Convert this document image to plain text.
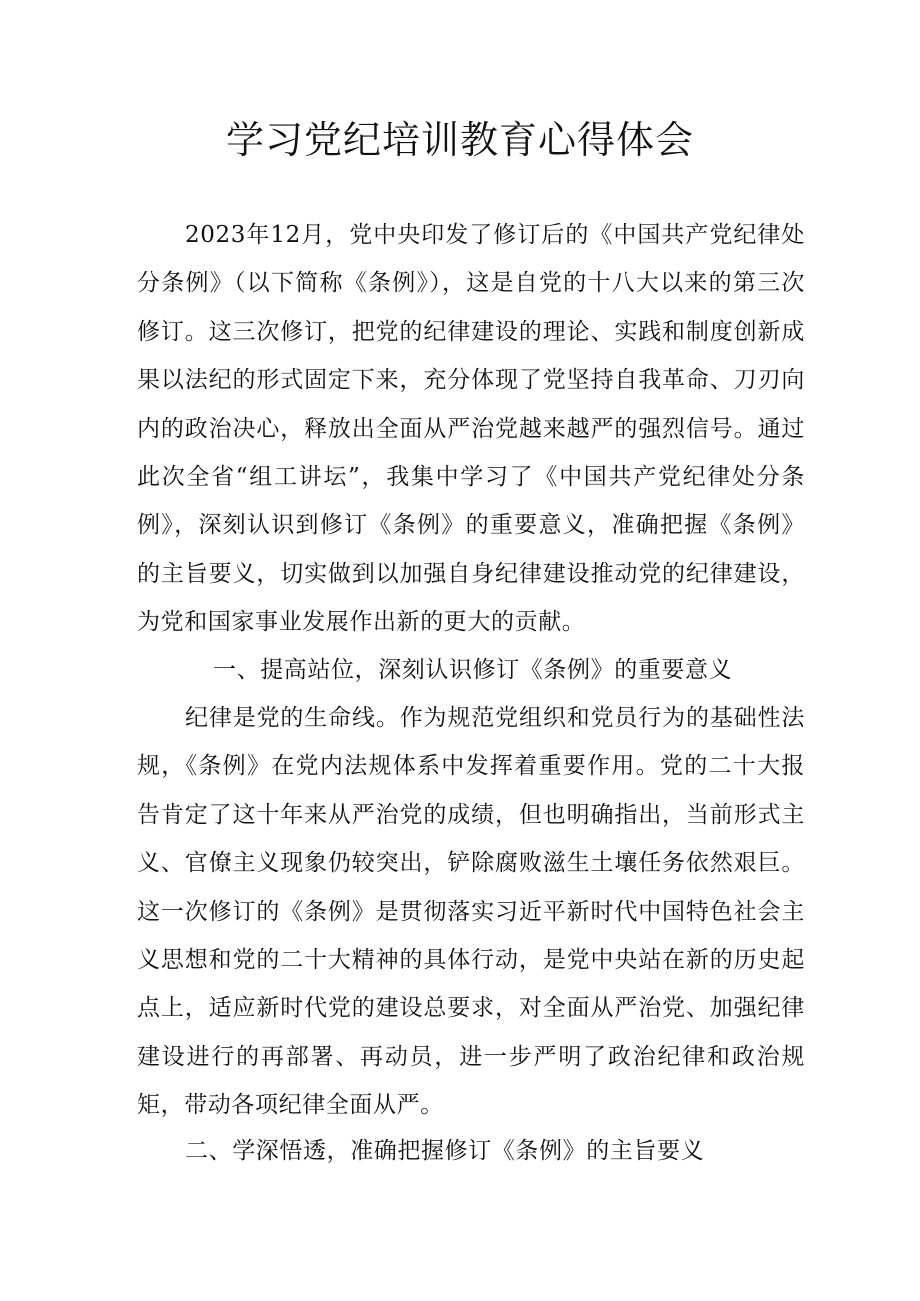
学习党纪培训教育心得体会

2023年12月，党中央印发了修订后的《中国共产党纪律处分条例》（以下简称《条例》），这是自党的十八大以来的第三次修订。这三次修订，把党的纪律建设的理论、实践和制度创新成果以法纪的形式固定下来，充分体现了党坚持自我革命、刀刃向内的政治决心，释放出全面从严治党越来越严的强烈信号。通过此次全省“组工讲坛”，我集中学习了《中国共产党纪律处分条例》，深刻认识到修订《条例》的重要意义，准确把握《条例》的主旨要义，切实做到以加强自身纪律建设推动党的纪律建设，为党和国家事业发展作出新的更大的贡献。

一、提高站位，深刻认识修订《条例》的重要意义

纪律是党的生命线。作为规范党组织和党员行为的基础性法规，《条例》在党内法规体系中发挥着重要作用。党的二十大报告肯定了这十年来从严治党的成绩，但也明确指出，当前形式主义、官僚主义现象仍较突出，铲除腐败滋生土壤任务依然艰巨。这一次修订的《条例》是贯彻落实习近平新时代中国特色社会主义思想和党的二十大精神的具体行动，是党中央站在新的历史起点上，适应新时代党的建设总要求，对全面从严治党、加强纪律建设进行的再部署、再动员，进一步严明了政治纪律和政治规矩，带动各项纪律全面从严。

二、学深悟透，准确把握修订《条例》的主旨要义
